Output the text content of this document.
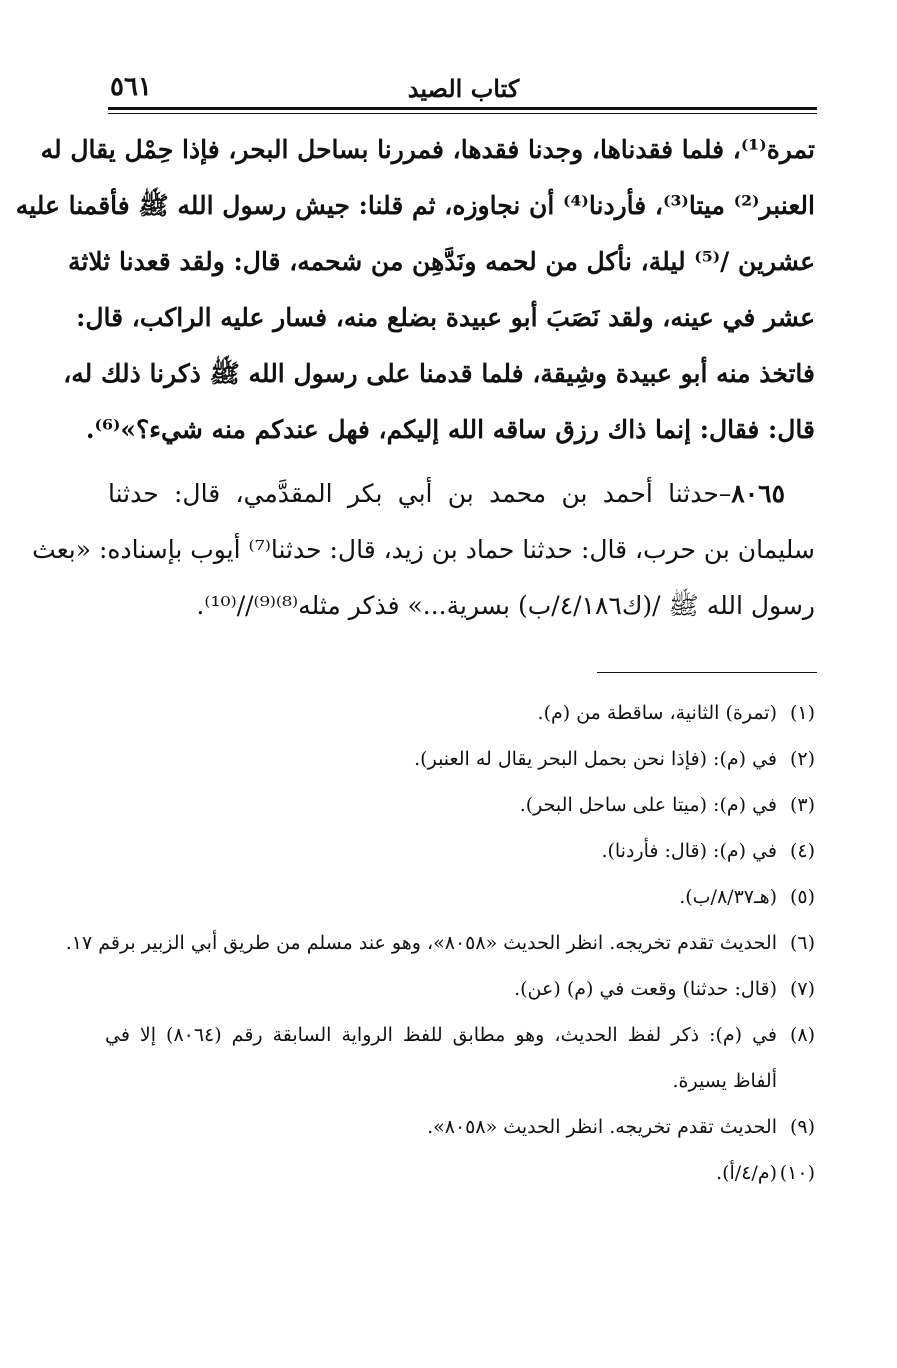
كتاب الصيد
٥٦١
تمرة⁽¹⁾، فلما فقدناها، وجدنا فقدها، فمررنا بساحل البحر، فإذا حِمْل يقال له
العنبر⁽²⁾ ميتا⁽³⁾، فأردنا⁽⁴⁾ أن نجاوزه، ثم قلنا: جيش رسول الله ﷺ فأقمنا عليه
عشرين /⁽⁵⁾ ليلة، نأكل من لحمه ونَدَّهِن من شحمه، قال: ولقد قعدنا ثلاثة
عشر في عينه، ولقد نَصَبَ أبو عبيدة بضلع منه، فسار عليه الراكب، قال:
فاتخذ منه أبو عبيدة وشِيقة، فلما قدمنا على رسول الله ﷺ ذكرنا ذلك له،
قال: فقال: إنما ذاك رزق ساقه الله إليكم، فهل عندكم منه شيء؟»⁽⁶⁾.
٨٠٦٥–حدثنا أحمد بن محمد بن أبي بكر المقدَّمي، قال: حدثنا
سليمان بن حرب، قال: حدثنا حماد بن زيد، قال: حدثنا⁽⁷⁾ أيوب بإسناده: «بعث
رسول الله ﷺ /(ك٤/١٨٦/ب) بسرية...» فذكر مثله⁽⁸⁾⁽⁹⁾//⁽¹⁰⁾.
(١)(تمرة) الثانية، ساقطة من (م).
(٢)في (م): (فإذا نحن بحمل البحر يقال له العنبر).
(٣)في (م): (ميتا على ساحل البحر).
(٤)في (م): (قال: فأردنا).
(٥)(هـ٨/٣٧/ب).
(٦)الحديث تقدم تخريجه. انظر الحديث «٨٠٥٨»، وهو عند مسلم من طريق أبي الزبير برقم ١٧.
(٧)(قال: حدثنا) وقعت في (م) (عن).
(٨)في (م): ذكر لفظ الحديث، وهو مطابق للفظ الرواية السابقة رقم (٨٠٦٤) إلا في
ألفاظ يسيرة.
(٩)الحديث تقدم تخريجه. انظر الحديث «٨٠٥٨».
(١٠)(م/٤/أ).
